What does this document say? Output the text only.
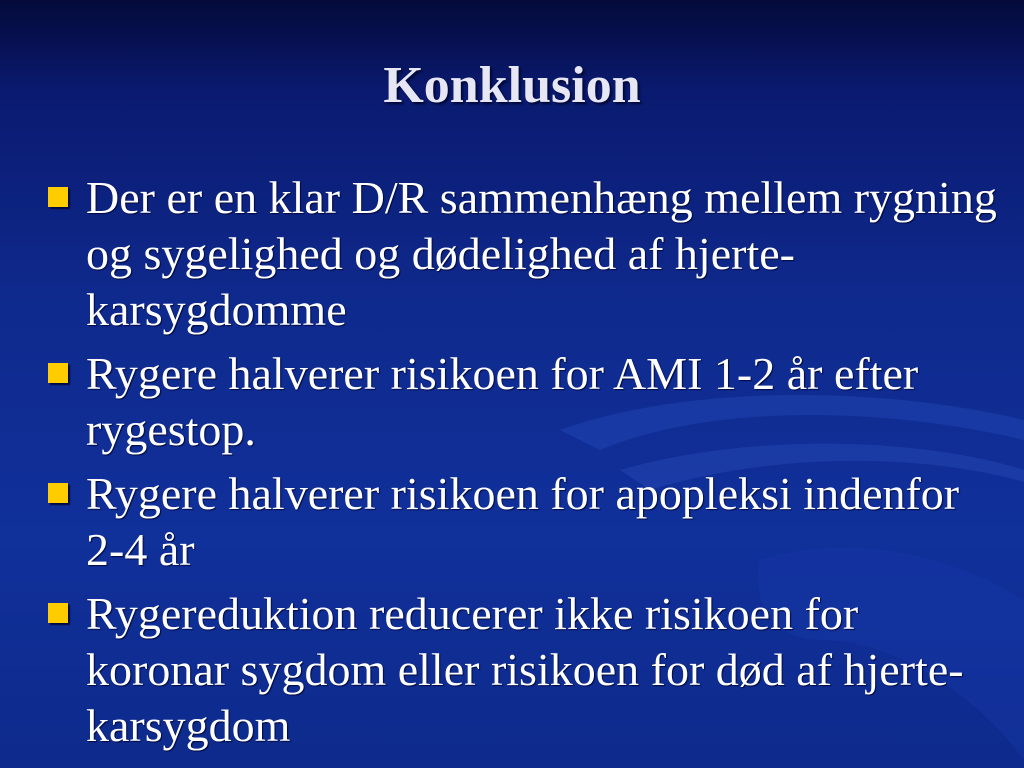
Konklusion
Der er en klar D/R sammenhæng mellem rygning og sygelighed og dødelighed af hjerte-karsygdomme
Rygere halverer risikoen for AMI 1-2 år efter rygestop.
Rygere halverer risikoen for apopleksi indenfor 2-4 år
Rygereduktion reducerer ikke risikoen for koronar sygdom eller risikoen for død af hjerte-karsygdom
